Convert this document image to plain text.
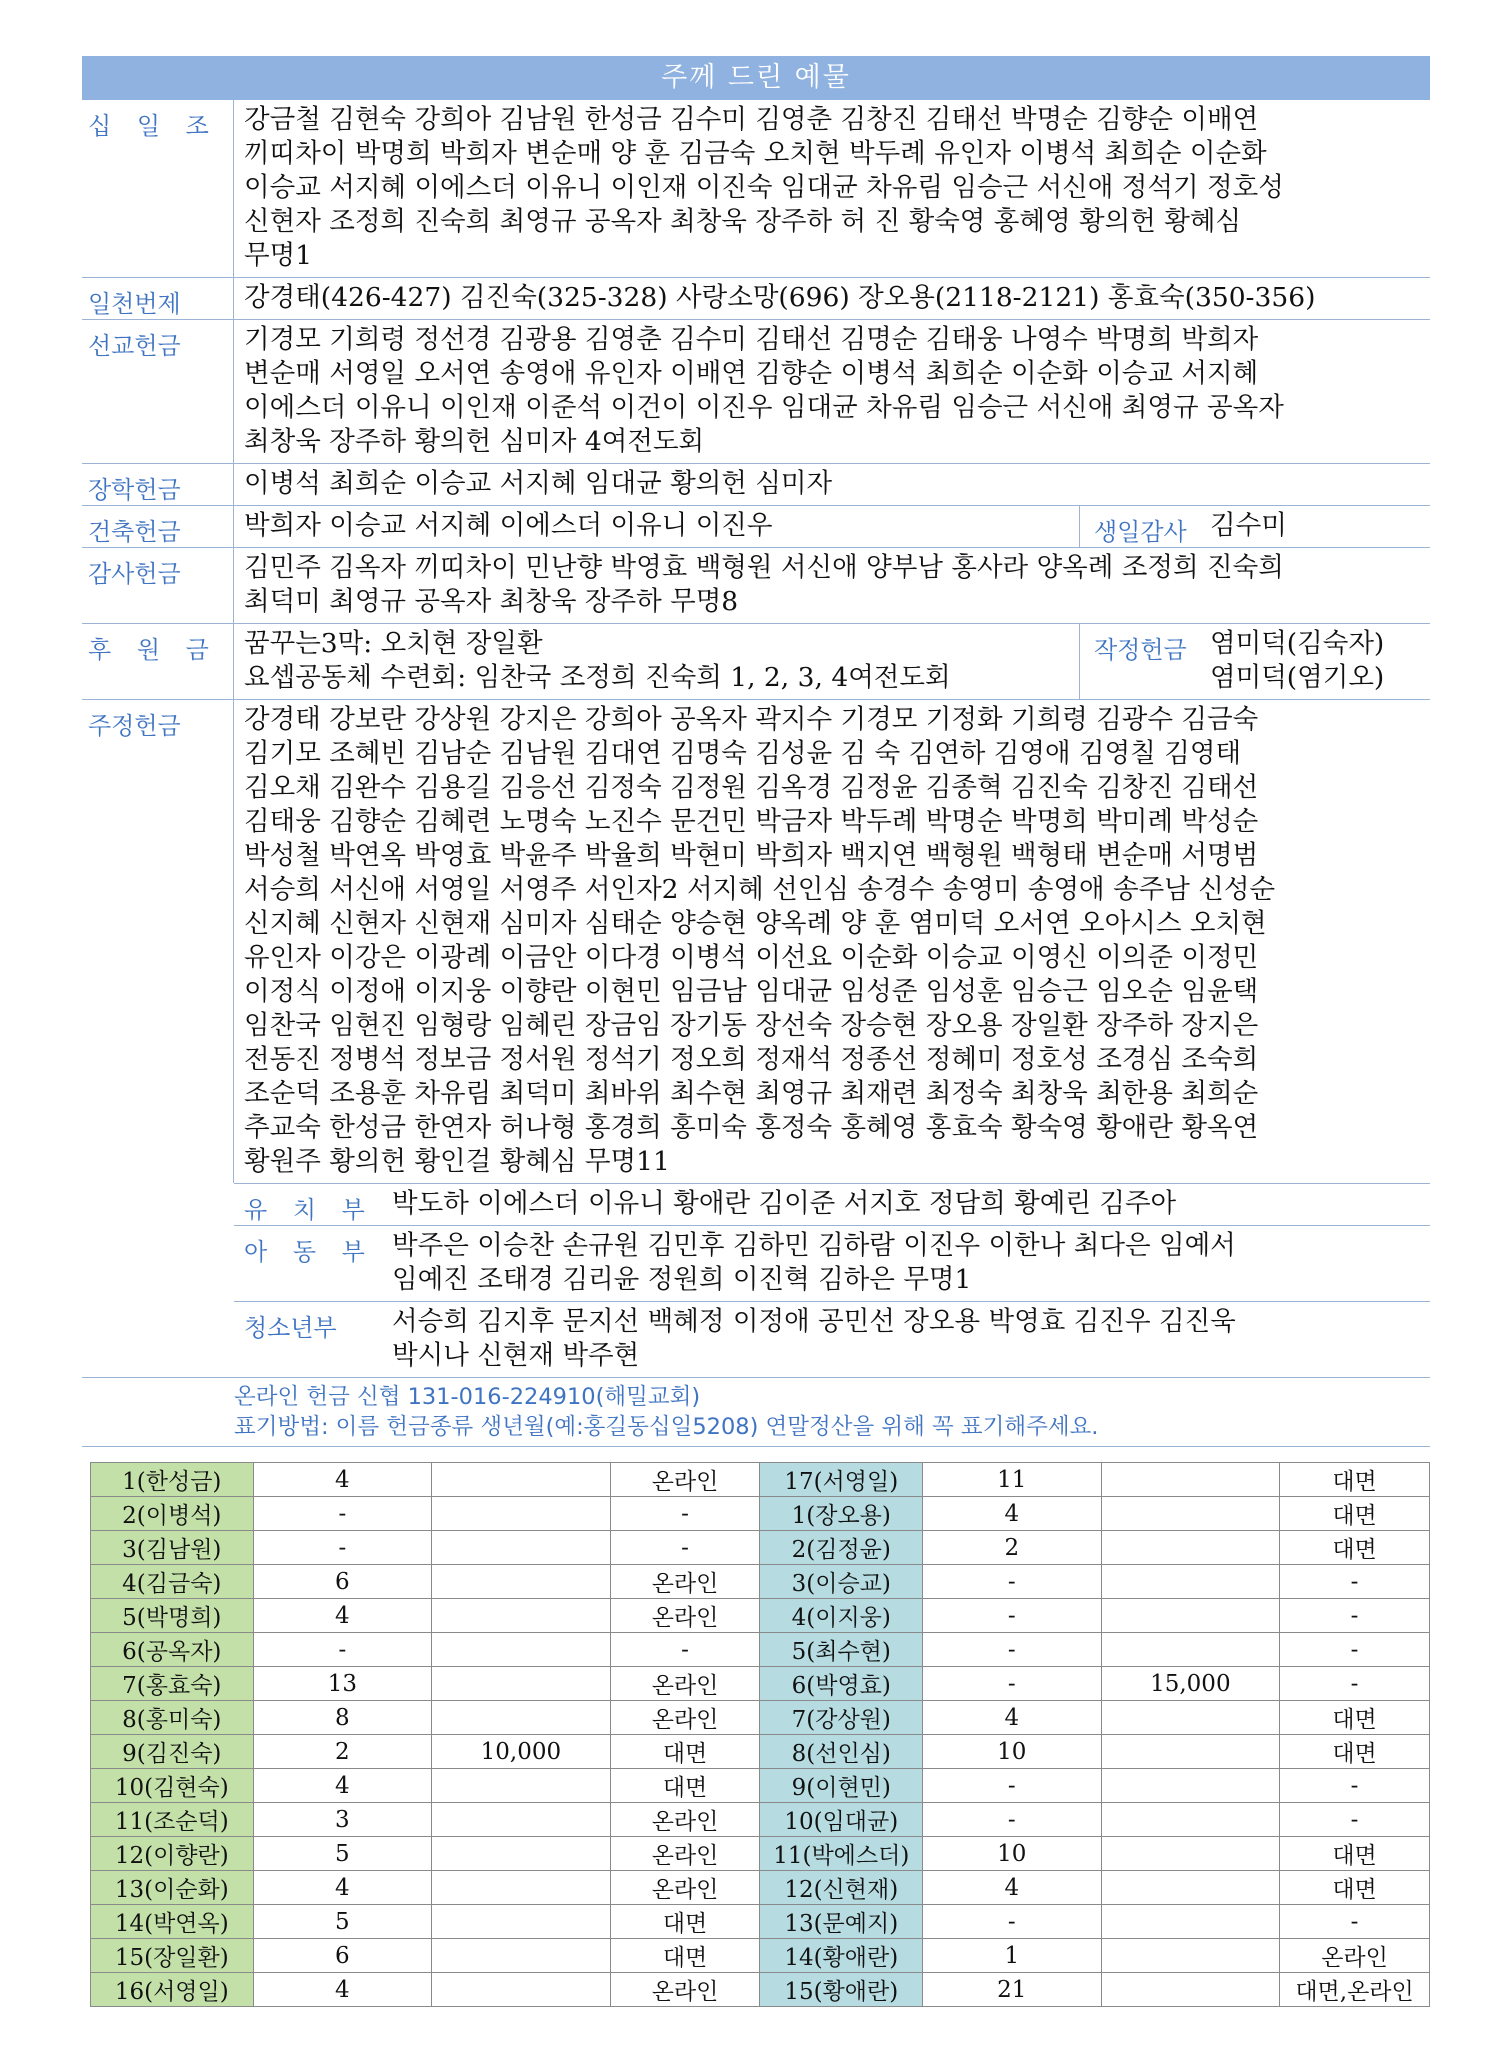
주께 드린 예물
십 일 조 강금철 김현숙 강희아 김남원 한성금 김수미 김영춘 김창진 김태선 박명순 김향순 이배연
끼띠차이 박명희 박희자 변순매 양 훈 김금숙 오치현 박두례 유인자 이병석 최희순 이순화
이승교 서지혜 이에스더 이유니 이인재 이진숙 임대균 차유림 임승근 서신애 정석기 정호성
신현자 조정희 진숙희 최영규 공옥자 최창욱 장주하 허 진 황숙영 홍혜영 황의헌 황혜심
무명1
일천번제	강경태(426-427) 김진숙(325-328) 사랑소망(696) 장오용(2118-2121) 홍효숙(350-356)
선교헌금	기경모 기희령 정선경 김광용 김영춘 김수미 김태선 김명순 김태웅 나영수 박명희 박희자
변순매 서영일 오서연 송영애 유인자 이배연 김향순 이병석 최희순 이순화 이승교 서지혜
이에스더 이유니 이인재 이준석 이건이 이진우 임대균 차유림 임승근 서신애 최영규 공옥자
최창욱 장주하 황의헌 심미자 4여전도회
장학헌금	이병석 최희순 이승교 서지혜 임대균 황의헌 심미자
건축헌금	박희자 이승교 서지혜 이에스더 이유니 이진우	생일감사 김수미
감사헌금	김민주 김옥자 끼띠차이 민난향 박영효 백형원 서신애 양부남 홍사라 양옥례 조정희 진숙희
최덕미 최영규 공옥자 최창욱 장주하 무명8
후 원 금 꿈꾸는3막: 오치현 장일환
요셉공동체 수련회: 임찬국 조정희 진숙희 1, 2, 3, 4여전도회
작정헌금 염미덕(김숙자)
염미덕(염기오)
주정헌금	강경태 강보란 강상원 강지은 강희아 공옥자 곽지수 기경모 기정화 기희령 김광수 김금숙
김기모 조혜빈 김남순 김남원 김대연 김명숙 김성윤 김 숙 김연하 김영애 김영칠 김영태
김오채 김완수 김용길 김응선 김정숙 김정원 김옥경 김정윤 김종혁 김진숙 김창진 김태선
김태웅 김향순 김혜련 노명숙 노진수 문건민 박금자 박두례 박명순 박명희 박미례 박성순
박성철 박연옥 박영효 박윤주 박율희 박현미 박희자 백지연 백형원 백형태 변순매 서명범
서승희 서신애 서영일 서영주 서인자2 서지혜 선인심 송경수 송영미 송영애 송주남 신성순
신지혜 신현자 신현재 심미자 심태순 양승현 양옥례 양 훈 염미덕 오서연 오아시스 오치현
유인자 이강은 이광례 이금안 이다경 이병석 이선요 이순화 이승교 이영신 이의준 이정민
이정식 이정애 이지웅 이향란 이현민 임금남 임대균 임성준 임성훈 임승근 임오순 임윤택
임찬국 임현진 임형랑 임혜린 장금임 장기동 장선숙 장승현 장오용 장일환 장주하 장지은
전동진 정병석 정보금 정서원 정석기 정오희 정재석 정종선 정혜미 정호성 조경심 조숙희
조순덕 조용훈 차유림 최덕미 최바위 최수현 최영규 최재련 최정숙 최창욱 최한용 최희순
추교숙 한성금 한연자 허나형 홍경희 홍미숙 홍정숙 홍혜영 홍효숙 황숙영 황애란 황옥연
황원주 황의헌 황인걸 황혜심 무명11
유 치 부 박도하 이에스더 이유니 황애란 김이준 서지호 정담희 황예린 김주아
아 동 부 박주은 이승찬 손규원 김민후 김하민 김하람 이진우 이한나 최다은 임예서
임예진 조태경 김리윤 정원희 이진혁 김하은 무명1
청소년부	서승희 김지후 문지선 백혜정 이정애 공민선 장오용 박영효 김진우 김진욱
박시나 신현재 박주현
온라인 헌금 신협 131-016-224910(해밀교회)
표기방법: 이름 헌금종류 생년월(예:홍길동십일5208) 연말정산을 위해 꼭 표기해주세요.
1(한성금)	4		온라인	17(서영일)	11		대면
2(이병석)	-		-	1(장오용)	4		대면
3(김남원)	-		-	2(김정윤)	2		대면
4(김금숙)	6		온라인	3(이승교)	-		-
5(박명희)	4		온라인	4(이지웅)	-		-
6(공옥자)	-		-	5(최수현)	-		-
7(홍효숙)	13		온라인	6(박영효)	-	15,000	-
8(홍미숙)	8		온라인	7(강상원)	4		대면
9(김진숙)	2	10,000	대면	8(선인심)	10		대면
10(김현숙)	4		대면	9(이현민)	-		-
11(조순덕)	3		온라인	10(임대균)	-		-
12(이향란)	5		온라인	11(박에스더)	10		대면
13(이순화)	4		온라인	12(신현재)	4		대면
14(박연옥)	5		대면	13(문예지)	-		-
15(장일환)	6		대면	14(황애란)	1		온라인
16(서영일)	4		온라인	15(황애란)	21		대면,온라인
